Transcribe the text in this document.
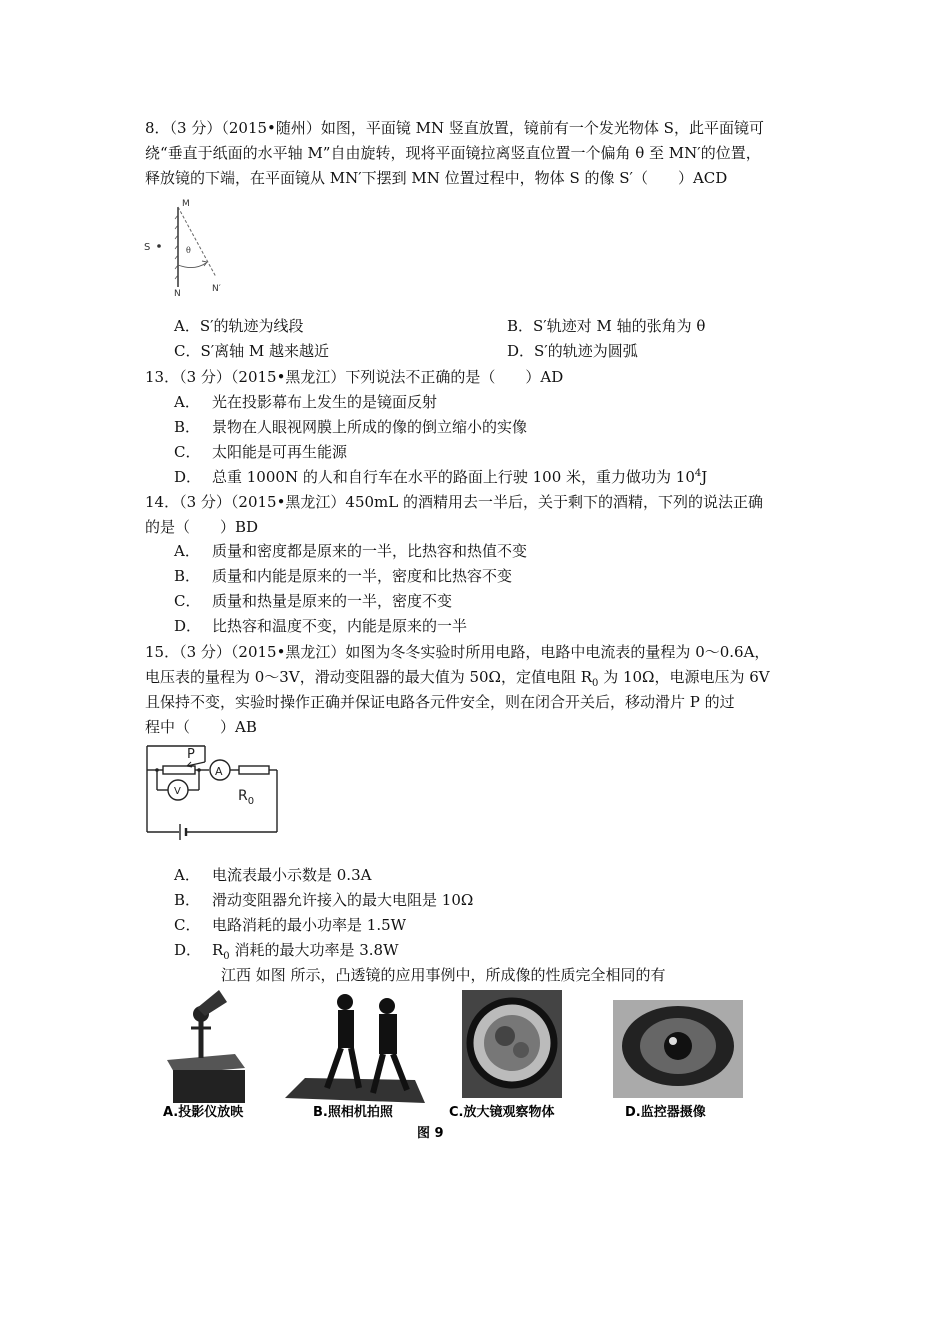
8．（3 分）（2015•随州）如图，平面镜 MN 竖直放置，镜前有一个发光物体 S，此平面镜可
绕“垂直于纸面的水平轴 M”自由旋转，现将平面镜拉离竖直位置一个偏角 θ 至 MN′的位置，
释放镜的下端，在平面镜从 MN′下摆到 MN 位置过程中，物体 S 的像 S′（　　）ACD
M
N	N′
S	θ
A．S′的轨迹为线段	B．S′轨迹对 M 轴的张角为 θ
C．S′离轴 M 越来越近	D．S′的轨迹为圆弧
13．（3 分）（2015•黑龙江）下列说法不正确的是（　　）AD
A． 光在投影幕布上发生的是镜面反射
B． 景物在人眼视网膜上所成的像的倒立缩小的实像
C． 太阳能是可再生能源
D． 总重 1000N 的人和自行车在水平的路面上行驶 100 米，重力做功为 $10^4J$
14．（3 分）（2015•黑龙江）450mL 的酒精用去一半后，关于剩下的酒精，下列的说法正确
的是（　　）BD
A． 质量和密度都是原来的一半，比热容和热值不变
B． 质量和内能是原来的一半，密度和比热容不变
C． 质量和热量是原来的一半，密度不变
D． 比热容和温度不变，内能是原来的一半
15．（3 分）（2015•黑龙江）如图为冬冬实验时所用电路，电路中电流表的量程为 0～0.6A，
电压表的量程为 0～3V，滑动变阻器的最大值为 50Ω，定值电阻 $R_0$ 为 10Ω，电源电压为 6V
且保持不变，实验时操作正确并保证电路各元件安全，则在闭合开关后，移动滑片 P 的过
程中（　　）AB
P
A
V	$R_0$
A． 电流表最小示数是 0.3A
B． 滑动变阻器允许接入的最大电阻是 10Ω
C． 电路消耗的最小功率是 1.5W
D． $R_0$ 消耗的最大功率是 3.8W
江西 如图 所示，凸透镜的应用事例中，所成像的性质完全相同的有
A.投影仪放映	B.照相机拍照	C.放大镜观察物体	D.监控器摄像
图 9
